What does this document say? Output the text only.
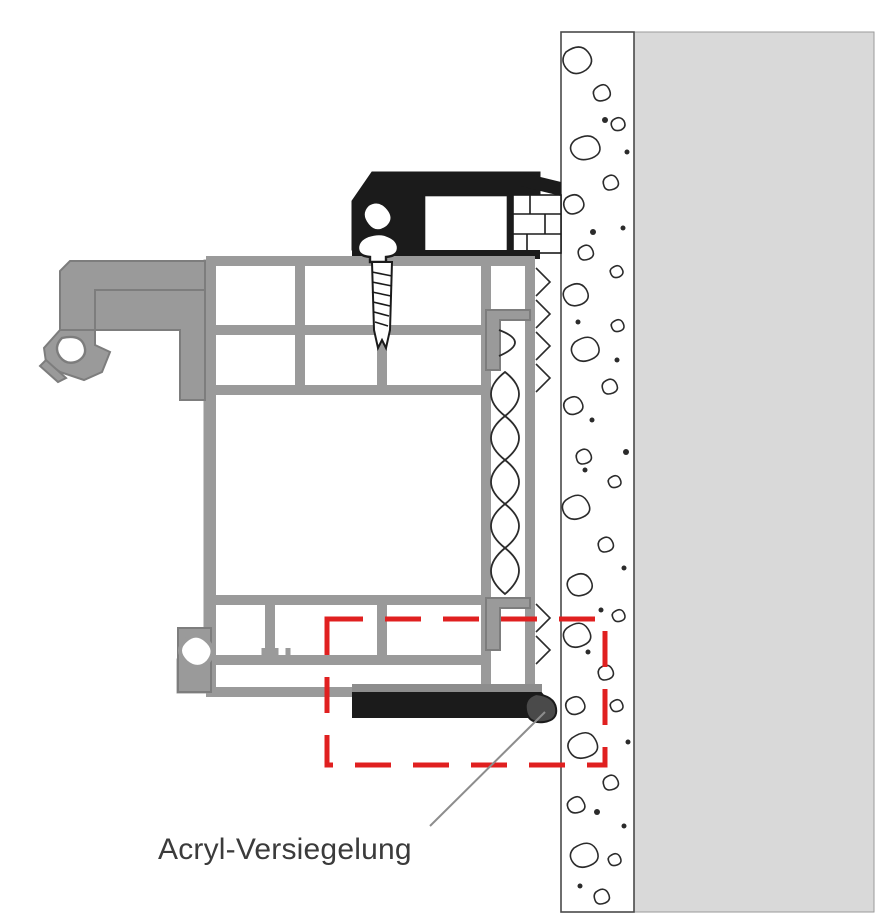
Acryl-Versiegelung
